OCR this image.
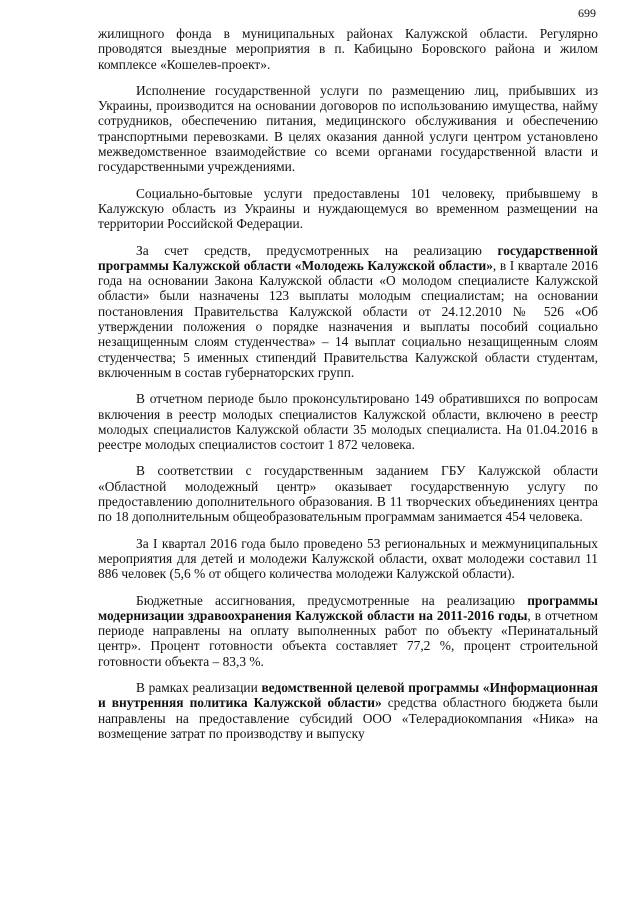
699

жилищного фонда в муниципальных районах Калужской области. Регулярно проводятся выездные мероприятия в п. Кабицыно Боровского района и жилом комплексе «Кошелев-проект».

Исполнение государственной услуги по размещению лиц, прибывших из Украины, производится на основании договоров по использованию имущества, найму сотрудников, обеспечению питания, медицинского обслуживания и обеспечению транспортными перевозками. В целях оказания данной услуги центром установлено межведомственное взаимодействие со всеми органами государственной власти и государственными учреждениями.

Социально-бытовые услуги предоставлены 101 человеку, прибывшему в Калужскую область из Украины и нуждающемуся во временном размещении на территории Российской Федерации.

За счет средств, предусмотренных на реализацию государственной программы Калужской области «Молодежь Калужской области», в I квартале 2016 года на основании Закона Калужской области «О молодом специалисте Калужской области» были назначены 123 выплаты молодым специалистам; на основании постановления Правительства Калужской области от 24.12.2010 № 526 «Об утверждении положения о порядке назначения и выплаты пособий социально незащищенным слоям студенчества» – 14 выплат социально незащищенным слоям студенчества; 5 именных стипендий Правительства Калужской области студентам, включенным в состав губернаторских групп.

В отчетном периоде было проконсультировано 149 обратившихся по вопросам включения в реестр молодых специалистов Калужской области, включено в реестр молодых специалистов Калужской области 35 молодых специалиста. На 01.04.2016 в реестре молодых специалистов состоит 1 872 человека.

В соответствии с государственным заданием ГБУ Калужской области «Областной молодежный центр» оказывает государственную услугу по предоставлению дополнительного образования. В 11 творческих объединениях центра по 18 дополнительным общеобразовательным программам занимается 454 человека.

За I квартал 2016 года было проведено 53 региональных и межмуниципальных мероприятия для детей и молодежи Калужской области, охват молодежи составил 11 886 человек (5,6 % от общего количества молодежи Калужской области).

Бюджетные ассигнования, предусмотренные на реализацию программы модернизации здравоохранения Калужской области на 2011-2016 годы, в отчетном периоде направлены на оплату выполненных работ по объекту «Перинатальный центр». Процент готовности объекта составляет 77,2 %, процент строительной готовности объекта – 83,3 %.

В рамках реализации ведомственной целевой программы «Информационная и внутренняя политика Калужской области» средства областного бюджета были направлены на предоставление субсидий ООО «Телерадиокомпания «Ника» на возмещение затрат по производству и выпуску
